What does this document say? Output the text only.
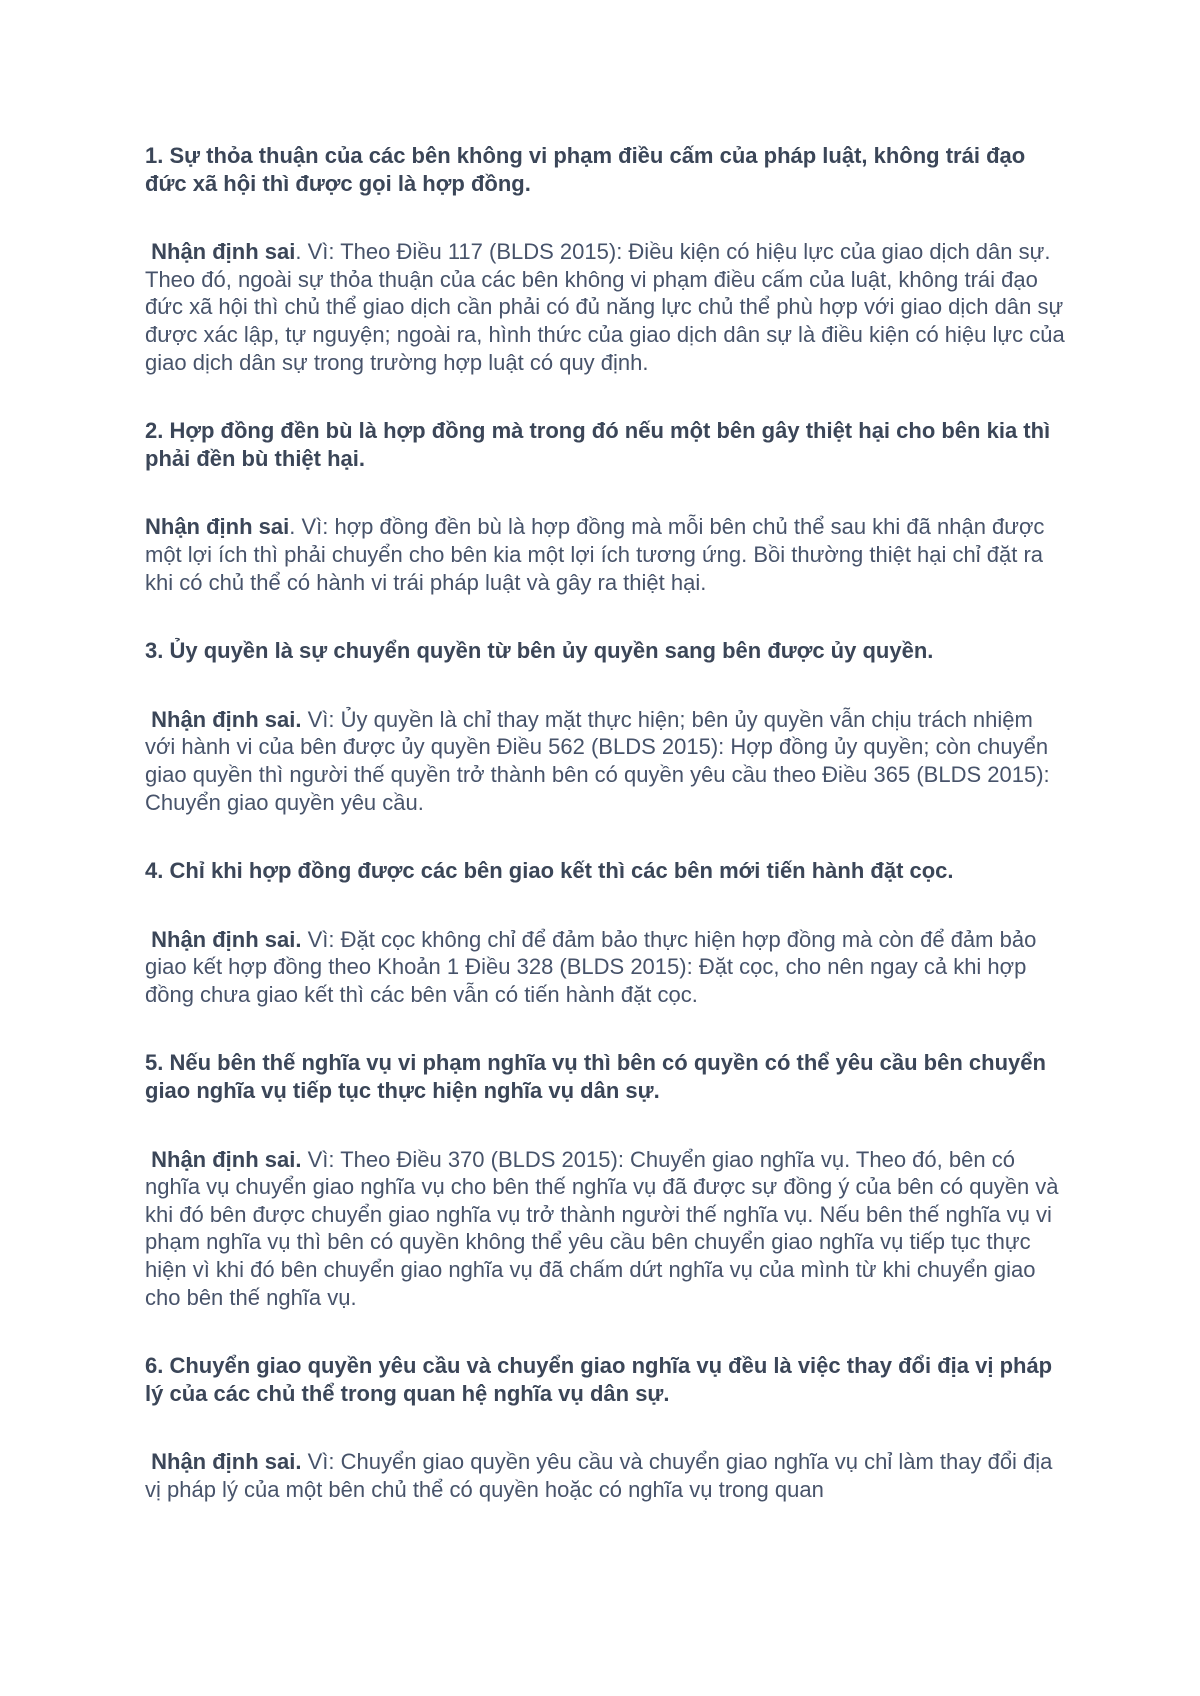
1. Sự thỏa thuận của các bên không vi phạm điều cấm của pháp luật, không trái đạo đức xã hội thì được gọi là hợp đồng.

Nhận định sai. Vì: Theo Điều 117 (BLDS 2015): Điều kiện có hiệu lực của giao dịch dân sự. Theo đó, ngoài sự thỏa thuận của các bên không vi phạm điều cấm của luật, không trái đạo đức xã hội thì chủ thể giao dịch cần phải có đủ năng lực chủ thể phù hợp với giao dịch dân sự được xác lập, tự nguyện; ngoài ra, hình thức của giao dịch dân sự là điều kiện có hiệu lực của giao dịch dân sự trong trường hợp luật có quy định.

2. Hợp đồng đền bù là hợp đồng mà trong đó nếu một bên gây thiệt hại cho bên kia thì phải đền bù thiệt hại.

Nhận định sai. Vì: hợp đồng đền bù là hợp đồng mà mỗi bên chủ thể sau khi đã nhận được một lợi ích thì phải chuyển cho bên kia một lợi ích tương ứng. Bồi thường thiệt hại chỉ đặt ra khi có chủ thể có hành vi trái pháp luật và gây ra thiệt hại.

3. Ủy quyền là sự chuyển quyền từ bên ủy quyền sang bên được ủy quyền.

Nhận định sai. Vì: Ủy quyền là chỉ thay mặt thực hiện; bên ủy quyền vẫn chịu trách nhiệm với hành vi của bên được ủy quyền Điều 562 (BLDS 2015): Hợp đồng ủy quyền; còn chuyển giao quyền thì người thế quyền trở thành bên có quyền yêu cầu theo Điều 365 (BLDS 2015): Chuyển giao quyền yêu cầu.

4. Chỉ khi hợp đồng được các bên giao kết thì các bên mới tiến hành đặt cọc.

Nhận định sai. Vì: Đặt cọc không chỉ để đảm bảo thực hiện hợp đồng mà còn để đảm bảo giao kết hợp đồng theo Khoản 1 Điều 328 (BLDS 2015): Đặt cọc, cho nên ngay cả khi hợp đồng chưa giao kết thì các bên vẫn có tiến hành đặt cọc.

5. Nếu bên thế nghĩa vụ vi phạm nghĩa vụ thì bên có quyền có thể yêu cầu bên chuyển giao nghĩa vụ tiếp tục thực hiện nghĩa vụ dân sự.

Nhận định sai. Vì: Theo Điều 370 (BLDS 2015): Chuyển giao nghĩa vụ. Theo đó, bên có nghĩa vụ chuyển giao nghĩa vụ cho bên thế nghĩa vụ đã được sự đồng ý của bên có quyền và khi đó bên được chuyển giao nghĩa vụ trở thành người thế nghĩa vụ. Nếu bên thế nghĩa vụ vi phạm nghĩa vụ thì bên có quyền không thể yêu cầu bên chuyển giao nghĩa vụ tiếp tục thực hiện vì khi đó bên chuyển giao nghĩa vụ đã chấm dứt nghĩa vụ của mình từ khi chuyển giao cho bên thế nghĩa vụ.

6. Chuyển giao quyền yêu cầu và chuyển giao nghĩa vụ đều là việc thay đổi địa vị pháp lý của các chủ thể trong quan hệ nghĩa vụ dân sự.

Nhận định sai. Vì: Chuyển giao quyền yêu cầu và chuyển giao nghĩa vụ chỉ làm thay đổi địa vị pháp lý của một bên chủ thể có quyền hoặc có nghĩa vụ trong quan
